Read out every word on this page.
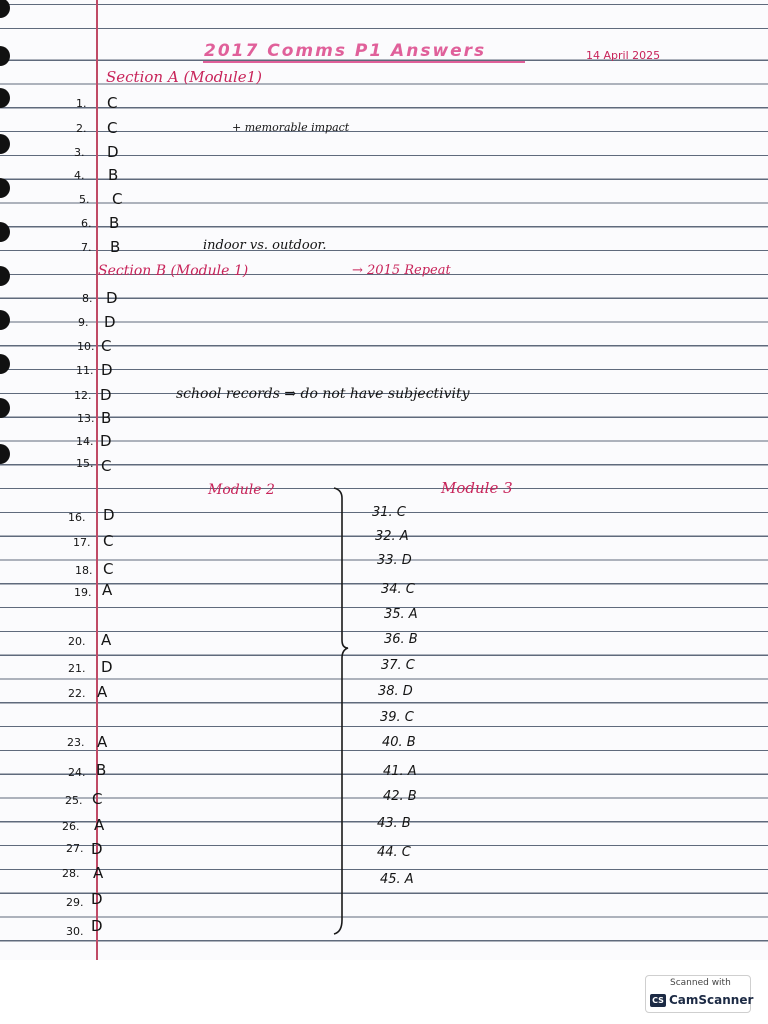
2017 Comms P1 Answers	14 April 2025
Section A (Module1)
1. C
2. C	+ memorable impact
3. D
4. B
5. C
6. B
7. B	indoor vs. outdoor.
Section B (Module 1)	→ 2015 Repeat
8. D
9. D
10. C
11. D
12. D	school records ⇒ do not have subjectivity
13. B
14. D
15. C
Module 2
16. D
17. C
18. C
19. A
20. A
21. D
22. A
23. A
24. B
25. C
26. A
27. D
28. A
29. D
30. D
Module 3
31. C
32. A
33. D
34. C
35. A
36. B
37. C
38. D
39. C
40. B
41. A
42. B
43. B
44. C
45. A
Scanned with
CS CamScanner
